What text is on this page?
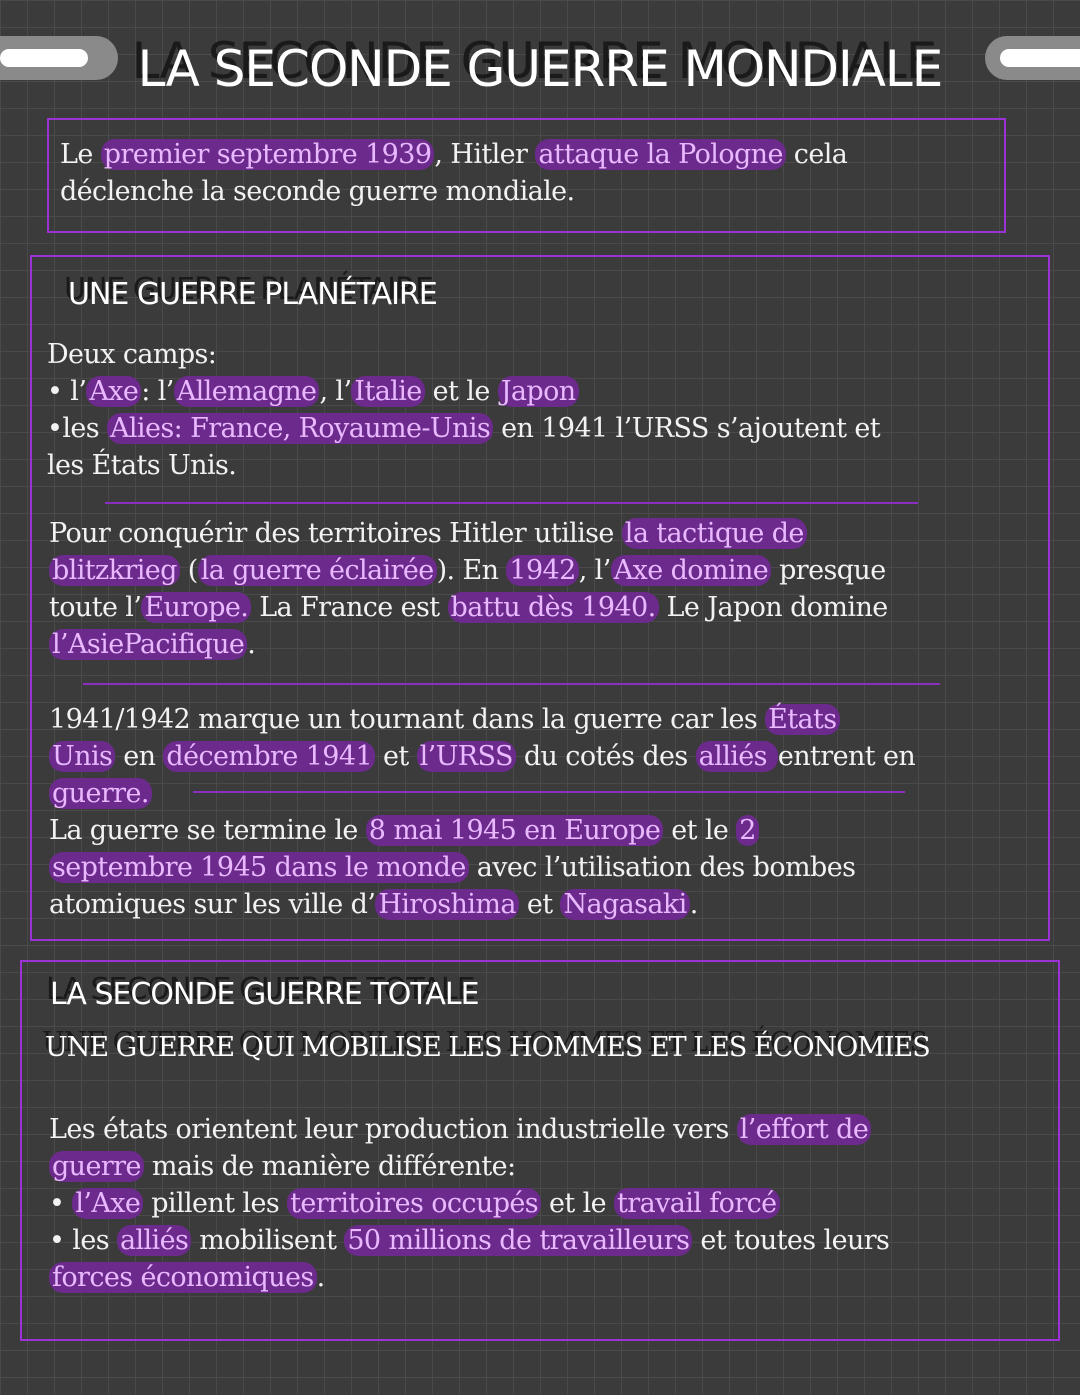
LA SECONDE GUERRE MONDIALE
Le premier septembre 1939 , Hitler attaque la Pologne cela
déclenche la seconde guerre mondiale.
UNE GUERRE PLANÉTAIRE
Deux camps:
• l’ Axe : l’ Allemagne , l’ Italie et le Japon
•les Alies: France, Royaume-Unis en 1941 l’URSS s’ajoutent et
les États Unis.
Pour conquérir des territoires Hitler utilise la tactique de
blitzkrieg ( la guerre éclairée ). En 1942 , l’ Axe domine presque
toute l’ Europe. La France est battu dès 1940. Le Japon domine
l’AsiePacifique .
1941/1942 marque un tournant dans la guerre car les États
Unis en décembre 1941 et l’URSS du cotés des alliés entrent en
guerre.
La guerre se termine le 8 mai 1945 en Europe et le 2
septembre 1945 dans le monde avec l’utilisation des bombes
atomiques sur les ville d’ Hiroshima et Nagasaki .
LA SECONDE GUERRE TOTALE
UNE GUERRE QUI MOBILISE LES HOMMES ET LES ÉCONOMIES
Les états orientent leur production industrielle vers l’effort de
guerre mais de manière différente:
• l’Axe pillent les territoires occupés et le travail forcé
• les alliés mobilisent 50 millions de travailleurs et toutes leurs
forces économiques .
